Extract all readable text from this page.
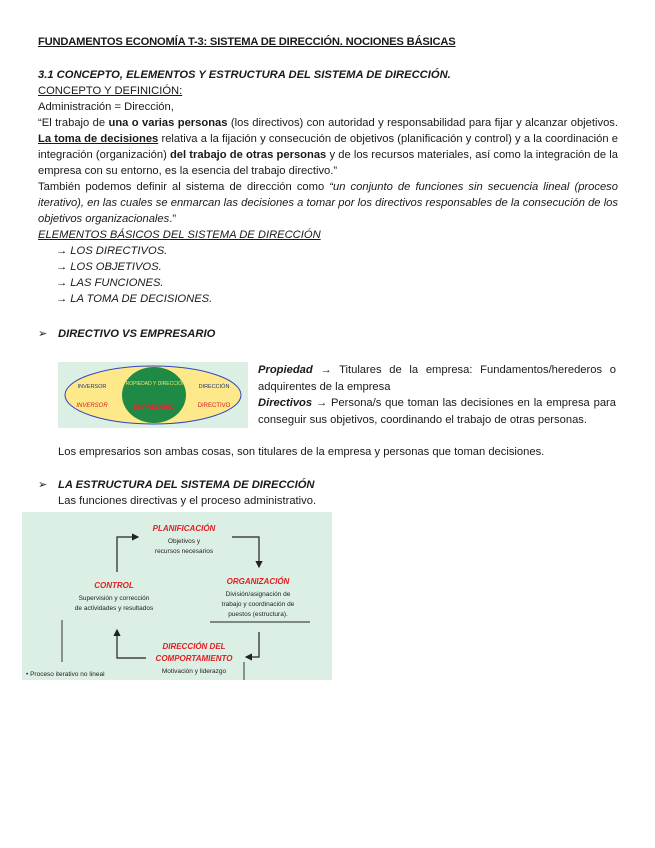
FUNDAMENTOS ECONOMÍA T-3: SISTEMA DE DIRECCIÓN. NOCIONES BÁSICAS
3.1 CONCEPTO, ELEMENTOS Y ESTRUCTURA DEL SISTEMA DE DIRECCIÓN.
CONCEPTO Y DEFINICIÓN:
Administración = Dirección,
“El trabajo de una o varias personas (los directivos) con autoridad y responsabilidad para fijar y alcanzar objetivos. La toma de decisiones relativa a la fijación y consecución de objetivos (planificación y control) y a la coordinación e integración (organización) del trabajo de otras personas y de los recursos materiales, así como la integración de la empresa con su entorno, es la esencia del trabajo directivo.”
También podemos definir al sistema de dirección como “un conjunto de funciones sin secuencia lineal (proceso iterativo), en las cuales se enmarcan las decisiones a tomar por los directivos responsables de la consecución de los objetivos organizacionales.”
ELEMENTOS BÁSICOS DEL SISTEMA DE DIRECCIÓN
→ LOS DIRECTIVOS.
→ LOS OBJETIVOS.
→ LAS FUNCIONES.
→ LA TOMA DE DECISIONES.
➢ DIRECTIVO VS EMPRESARIO
INVERSOR
INVERSOR
PROPIEDAD Y DIRECCIÓN
EMPRESARIO
DIRECCIÓN
DIRECTIVO
Propiedad → Titulares de la empresa: Fundamentos/herederos o adquirentes de la empresa
Directivos → Persona/s que toman las decisiones en la empresa para conseguir sus objetivos, coordinando el trabajo de otras personas.
Los empresarios son ambas cosas, son titulares de la empresa y personas que toman decisiones.
➢ LA ESTRUCTURA DEL SISTEMA DE DIRECCIÓN
Las funciones directivas y el proceso administrativo.
PLANIFICACIÓN
Objetivos y
recursos necesarios
CONTROL
Supervisión y corrección
de actividades y resultados
ORGANIZACIÓN
División/asignación de
trabajo y coordinación de
puestos (estructura).
DIRECCIÓN DEL
COMPORTAMIENTO
Motivación y liderazgo
• Proceso iterativo no lineal
